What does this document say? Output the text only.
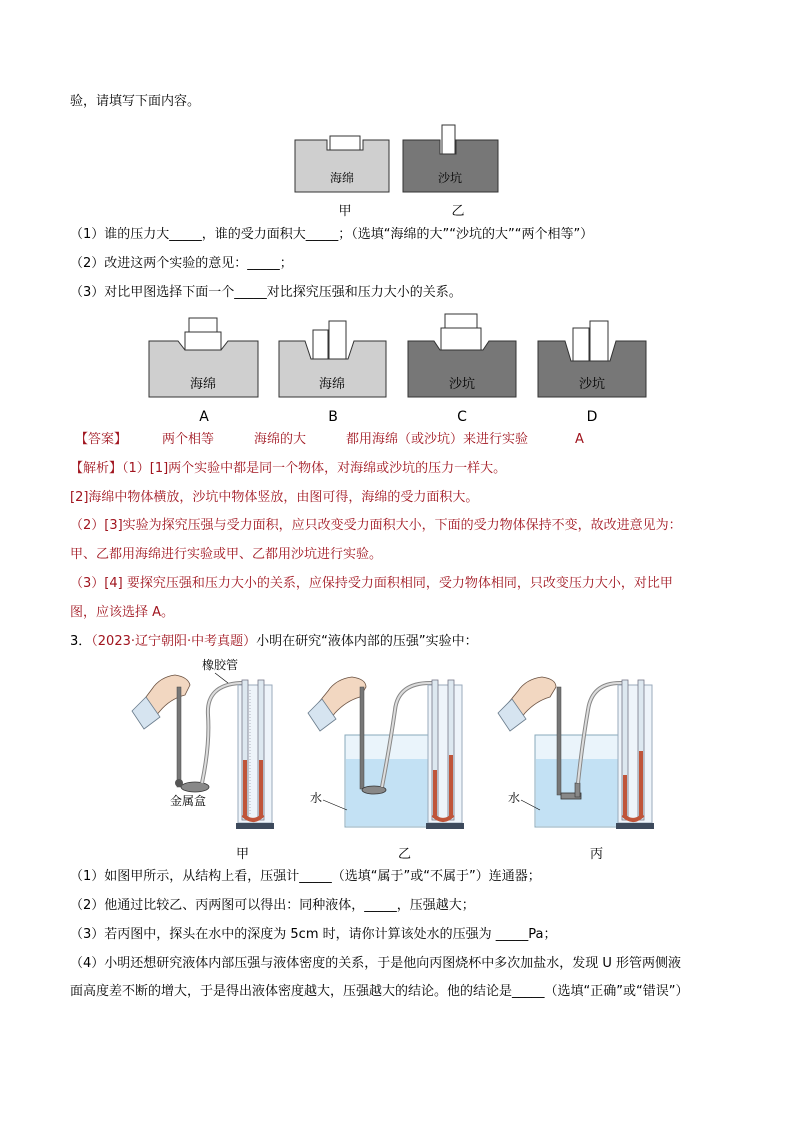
验，请填写下面内容。
海绵	沙坑
甲	乙
（1）谁的压力大_____，谁的受力面积大_____；（选填“海绵的大”“沙坑的大”“两个相等”）
（2）改进这两个实验的意见：_____；
（3）对比甲图选择下面一个_____对比探究压强和压力大小的关系。
海绵	海绵	沙坑	沙坑
A	B	C	D
【答案】	两个相等	海绵的大	都用海绵（或沙坑）来进行实验	A
【解析】（1）[1]两个实验中都是同一个物体，对海绵或沙坑的压力一样大。
[2]海绵中物体横放，沙坑中物体竖放，由图可得，海绵的受力面积大。
（2）[3]实验为探究压强与受力面积，应只改变受力面积大小，下面的受力物体保持不变，故改进意见为：
甲、乙都用海绵进行实验或甲、乙都用沙坑进行实验。
（3）[4] 要探究压强和压力大小的关系，应保持受力面积相同，受力物体相同，只改变压力大小，对比甲
图，应该选择 A。
3．（2023·辽宁朝阳·中考真题）小明在研究“液体内部的压强”实验中：
橡胶管
金属盒
甲
水
乙
水
丙
（1）如图甲所示，从结构上看，压强计_____（选填“属于”或“不属于”）连通器；
（2）他通过比较乙、丙两图可以得出：同种液体，_____，压强越大；
（3）若丙图中，探头在水中的深度为 5cm 时，请你计算该处水的压强为 _____Pa；
（4）小明还想研究液体内部压强与液体密度的关系，于是他向丙图烧杯中多次加盐水，发现 U 形管两侧液
面高度差不断的增大，于是得出液体密度越大，压强越大的结论。他的结论是_____（选填“正确”或“错误”）
